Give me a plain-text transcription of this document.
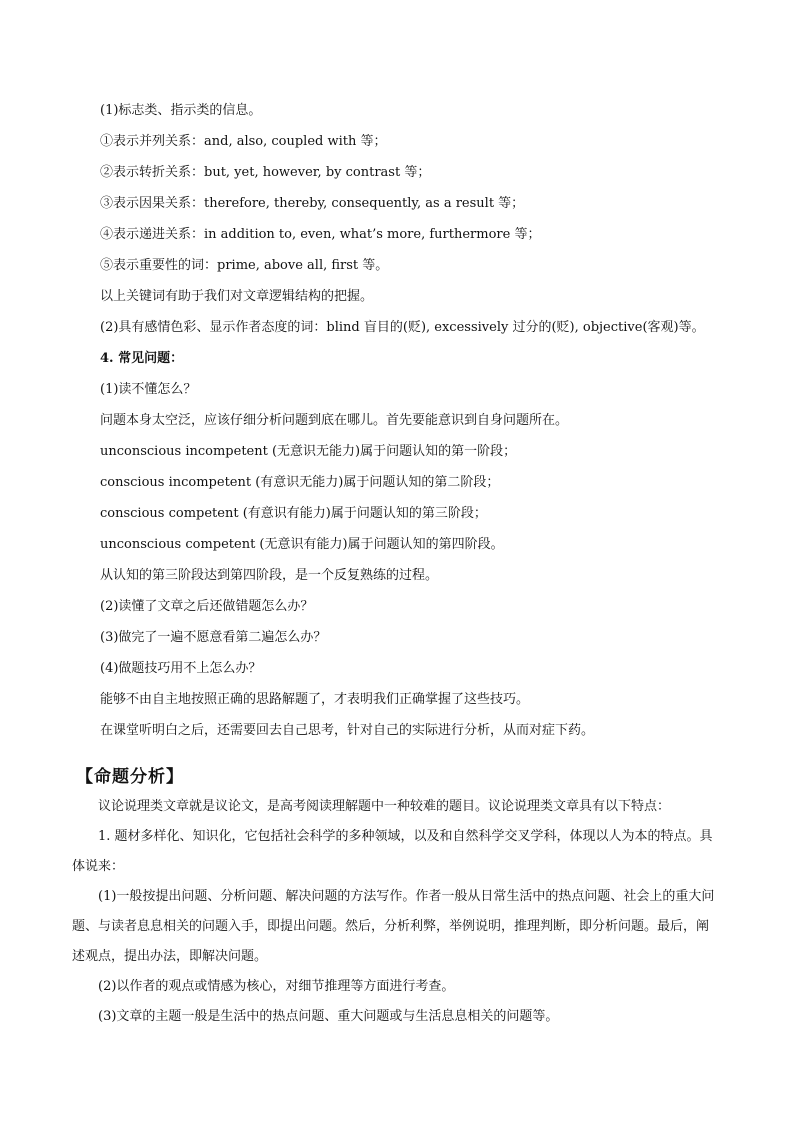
(1)标志类、指示类的信息。
①表示并列关系：and, also, coupled with 等；
②表示转折关系：but, yet, however, by contrast 等；
③表示因果关系：therefore, thereby, consequently, as a result 等；
④表示递进关系：in addition to, even, what’s more, furthermore 等；
⑤表示重要性的词：prime, above all, first 等。
以上关键词有助于我们对文章逻辑结构的把握。
(2)具有感情色彩、显示作者态度的词：blind 盲目的(贬), excessively 过分的(贬), objective(客观)等。
4. 常见问题：
(1)读不懂怎么？
问题本身太空泛，应该仔细分析问题到底在哪儿。首先要能意识到自身问题所在。
unconscious incompetent (无意识无能力)属于问题认知的第一阶段；
conscious incompetent (有意识无能力)属于问题认知的第二阶段；
conscious competent (有意识有能力)属于问题认知的第三阶段；
unconscious competent (无意识有能力)属于问题认知的第四阶段。
从认知的第三阶段达到第四阶段，是一个反复熟练的过程。
(2)读懂了文章之后还做错题怎么办？
(3)做完了一遍不愿意看第二遍怎么办？
(4)做题技巧用不上怎么办？
能够不由自主地按照正确的思路解题了，才表明我们正确掌握了这些技巧。
在课堂听明白之后，还需要回去自己思考，针对自己的实际进行分析，从而对症下药。
【命题分析】
议论说理类文章就是议论文，是高考阅读理解题中一种较难的题目。议论说理类文章具有以下特点：
1. 题材多样化、知识化，它包括社会科学的多种领域，以及和自然科学交叉学科，体现以人为本的特点。具体说来：
(1)一般按提出问题、分析问题、解决问题的方法写作。作者一般从日常生活中的热点问题、社会上的重大问题、与读者息息相关的问题入手，即提出问题。然后，分析利弊，举例说明，推理判断，即分析问题。最后，阐述观点，提出办法，即解决问题。
(2)以作者的观点或情感为核心，对细节推理等方面进行考查。
(3)文章的主题一般是生活中的热点问题、重大问题或与生活息息相关的问题等。
